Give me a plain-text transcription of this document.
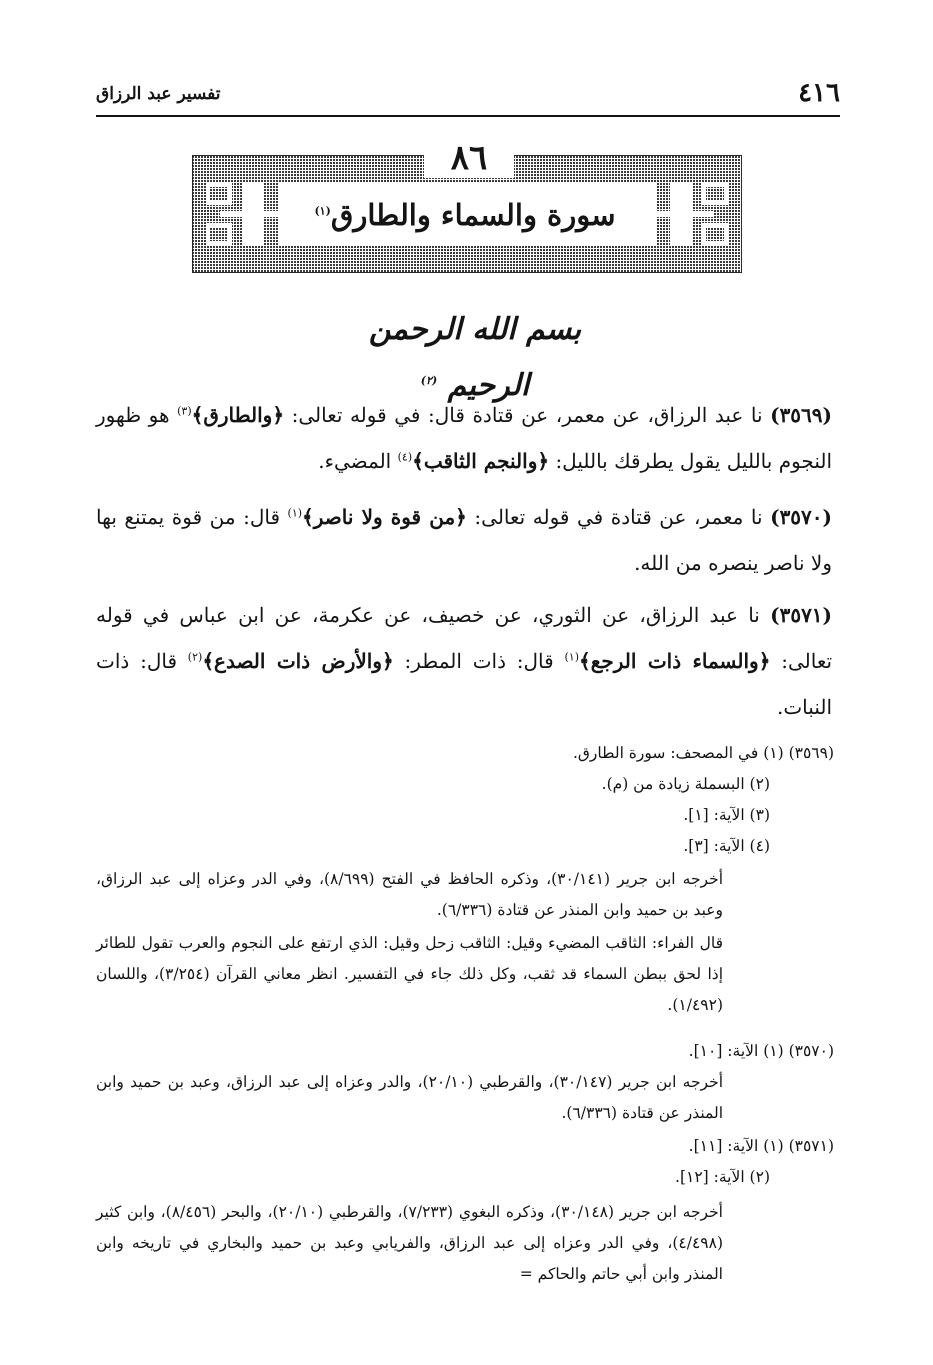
٤١٦
تفسير عبد الرزاق
٨٦
سورة والسماء والطارق$^{(١)}$
بسم الله الرحمن الرحيم $^{(٢)}$
(٣٥٦٩) نا عبد الرزاق، عن معمر، عن قتادة قال: في قوله تعالى: ﴿والطارق﴾$^{(٣)}$ هو ظهور النجوم بالليل يقول يطرقك بالليل: ﴿والنجم الثاقب﴾$^{(٤)}$ المضيء.
(٣٥٧٠) نا معمر، عن قتادة في قوله تعالى: ﴿من قوة ولا ناصر﴾$^{(١)}$ قال: من قوة يمتنع بها ولا ناصر ينصره من الله.
(٣٥٧١) نا عبد الرزاق، عن الثوري، عن خصيف، عن عكرمة، عن ابن عباس في قوله تعالى: ﴿والسماء ذات الرجع﴾$^{(١)}$ قال: ذات المطر: ﴿والأرض ذات الصدع﴾$^{(٢)}$ قال: ذات النبات.
(٣٥٦٩) (١) في المصحف: سورة الطارق.
(٢) البسملة زيادة من (م).
(٣) الآية: [١].
(٤) الآية: [٣].
أخرجه ابن جرير (٣٠/١٤١)، وذكره الحافظ في الفتح (٨/٦٩٩)، وفي الدر وعزاه إلى عبد الرزاق، وعبد بن حميد وابن المنذر عن قتادة (٦/٣٣٦).
قال الفراء: الثاقب المضيء وقيل: الثاقب زحل وقيل: الذي ارتفع على النجوم والعرب تقول للطائر إذا لحق ببطن السماء قد ثقب، وكل ذلك جاء في التفسير. انظر معاني القرآن (٣/٢٥٤)، واللسان (١/٤٩٢).
(٣٥٧٠) (١) الآية: [١٠].
أخرجه ابن جرير (٣٠/١٤٧)، والقرطبي (٢٠/١٠)، والدر وعزاه إلى عبد الرزاق، وعبد بن حميد وابن المنذر عن قتادة (٦/٣٣٦).
(٣٥٧١) (١) الآية: [١١].
(٢) الآية: [١٢].
أخرجه ابن جرير (٣٠/١٤٨)، وذكره البغوي (٧/٢٣٣)، والقرطبي (٢٠/١٠)، والبحر (٨/٤٥٦)، وابن كثير (٤/٤٩٨)، وفي الدر وعزاه إلى عبد الرزاق، والفريابي وعبد بن حميد والبخاري في تاريخه وابن المنذر وابن أبي حاتم والحاكم =
